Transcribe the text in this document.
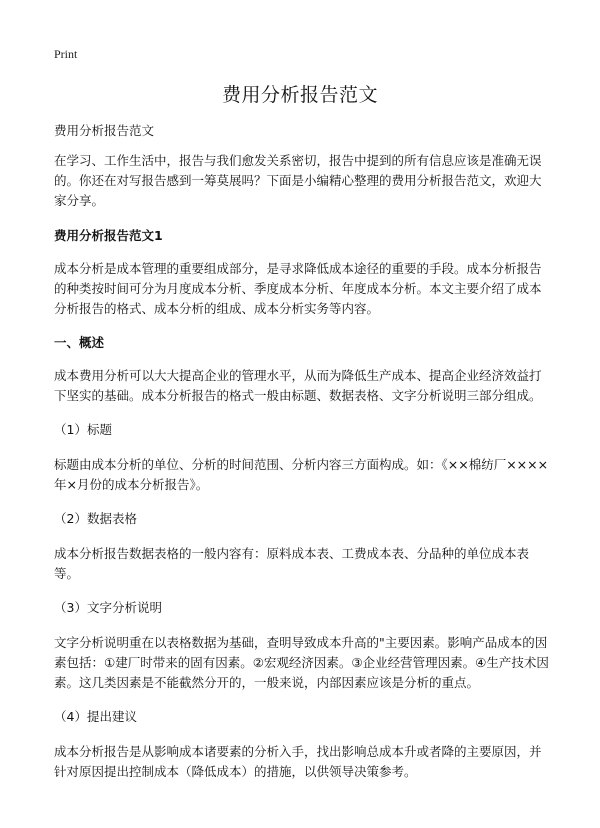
Print
费用分析报告范文

费用分析报告范文

在学习、工作生活中，报告与我们愈发关系密切，报告中提到的所有信息应该是准确无误的。你还在对写报告感到一筹莫展吗？下面是小编精心整理的费用分析报告范文，欢迎大家分享。

费用分析报告范文1

成本分析是成本管理的重要组成部分，是寻求降低成本途径的重要的手段。成本分析报告的种类按时间可分为月度成本分析、季度成本分析、年度成本分析。本文主要介绍了成本分析报告的格式、成本分析的组成、成本分析实务等内容。

一、概述

成本费用分析可以大大提高企业的管理水平，从而为降低生产成本、提高企业经济效益打下坚实的基础。成本分析报告的格式一般由标题、数据表格、文字分析说明三部分组成。

（1）标题

标题由成本分析的单位、分析的时间范围、分析内容三方面构成。如：《××棉纺厂××××年×月份的成本分析报告》。

（2）数据表格

成本分析报告数据表格的一般内容有：原料成本表、工费成本表、分品种的单位成本表等。

（3）文字分析说明

文字分析说明重在以表格数据为基础，查明导致成本升高的"主要因素。影响产品成本的因素包括：①建厂时带来的固有因素。②宏观经济因素。③企业经营管理因素。④生产技术因素。这几类因素是不能截然分开的，一般来说，内部因素应该是分析的重点。

（4）提出建议

成本分析报告是从影响成本诸要素的分析入手，找出影响总成本升或者降的主要原因，并针对原因提出控制成本（降低成本）的措施，以供领导决策参考。
